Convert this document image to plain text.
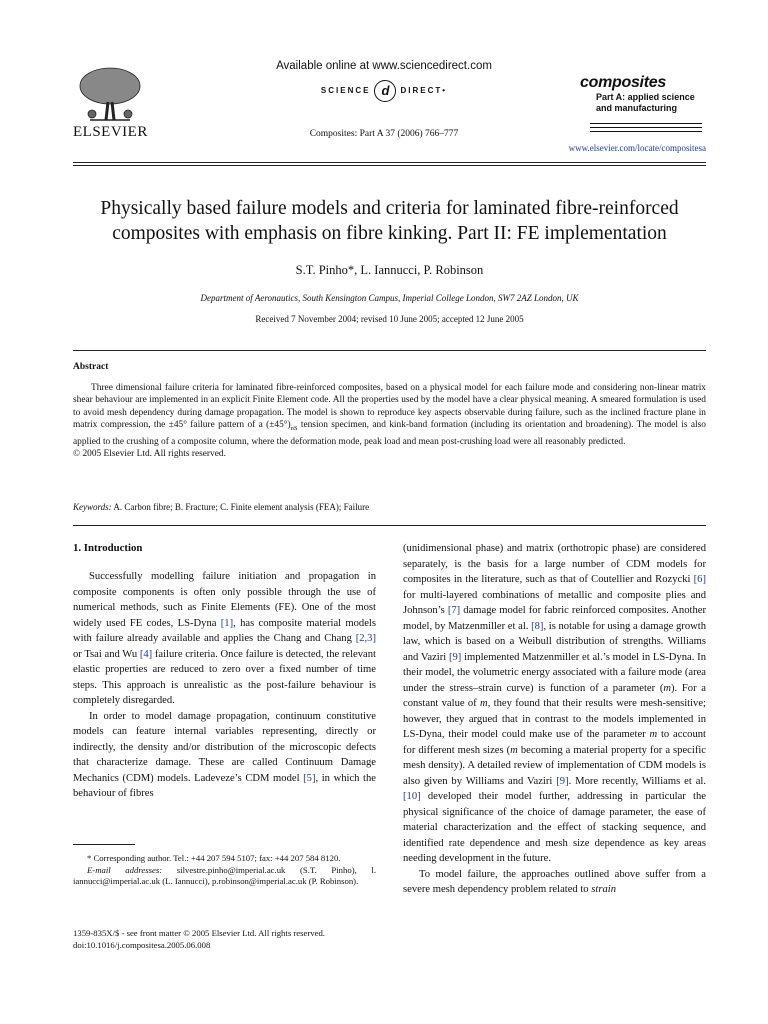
ELSEVIER
Available online at www.sciencedirect.com
SCIENCE d DIRECT•
Composites: Part A 37 (2006) 766–777
composites
Part A: applied science
and manufacturing
www.elsevier.com/locate/compositesa
Physically based failure models and criteria for laminated fibre-reinforced
composites with emphasis on fibre kinking. Part II: FE implementation
S.T. Pinho*, L. Iannucci, P. Robinson
Department of Aeronautics, South Kensington Campus, Imperial College London, SW7 2AZ London, UK
Received 7 November 2004; revised 10 June 2005; accepted 12 June 2005
Abstract

Three dimensional failure criteria for laminated fibre-reinforced composites, based on a physical model for each failure mode and considering non-linear matrix shear behaviour are implemented in an explicit Finite Element code. All the properties used by the model have a clear physical meaning. A smeared formulation is used to avoid mesh dependency during damage propagation. The model is shown to reproduce key aspects observable during failure, such as the inclined fracture plane in matrix compression, the ±45° failure pattern of a $(\pm 45^\circ)_{nS}$ tension specimen, and kink-band formation (including its orientation and broadening). The model is also applied to the crushing of a composite column, where the deformation mode, peak load and mean post-crushing load were all reasonably predicted.

© 2005 Elsevier Ltd. All rights reserved.

Keywords: A. Carbon fibre; B. Fracture; C. Finite element analysis (FEA); Failure
1. Introduction

Successfully modelling failure initiation and propagation in composite components is often only possible through the use of numerical methods, such as Finite Elements (FE). One of the most widely used FE codes, LS-Dyna [1], has composite material models with failure already available and applies the Chang and Chang [2,3] or Tsai and Wu [4] failure criteria. Once failure is detected, the relevant elastic properties are reduced to zero over a fixed number of time steps. This approach is unrealistic as the post-failure behaviour is completely disregarded.

In order to model damage propagation, continuum constitutive models can feature internal variables representing, directly or indirectly, the density and/or distribution of the microscopic defects that characterize damage. These are called Continuum Damage Mechanics (CDM) models. Ladeveze’s CDM model [5], in which the behaviour of fibres

* Corresponding author. Tel.: +44 207 594 5107; fax: +44 207 584 8120.

E-mail addresses: silvestre.pinho@imperial.ac.uk (S.T. Pinho), l. iannucci@imperial.ac.uk (L. Iannucci), p.robinson@imperial.ac.uk (P. Robinson).

1359-835X/$ - see front matter © 2005 Elsevier Ltd. All rights reserved.
doi:10.1016/j.compositesa.2005.06.008

(unidimensional phase) and matrix (orthotropic phase) are considered separately, is the basis for a large number of CDM models for composites in the literature, such as that of Coutellier and Rozycki [6] for multi-layered combinations of metallic and composite plies and Johnson’s [7] damage model for fabric reinforced composites. Another model, by Matzenmiller et al. [8], is notable for using a damage growth law, which is based on a Weibull distribution of strengths. Williams and Vaziri [9] implemented Matzenmiller et al.’s model in LS-Dyna. In their model, the volumetric energy associated with a failure mode (area under the stress–strain curve) is function of a parameter (m). For a constant value of m, they found that their results were mesh-sensitive; however, they argued that in contrast to the models implemented in LS-Dyna, their model could make use of the parameter m to account for different mesh sizes (m becoming a material property for a specific mesh density). A detailed review of implementation of CDM models is also given by Williams and Vaziri [9]. More recently, Williams et al. [10] developed their model further, addressing in particular the physical significance of the choice of damage parameter, the ease of material characterization and the effect of stacking sequence, and identified rate dependence and mesh size dependence as key areas needing development in the future.

To model failure, the approaches outlined above suffer from a severe mesh dependency problem related to strain
